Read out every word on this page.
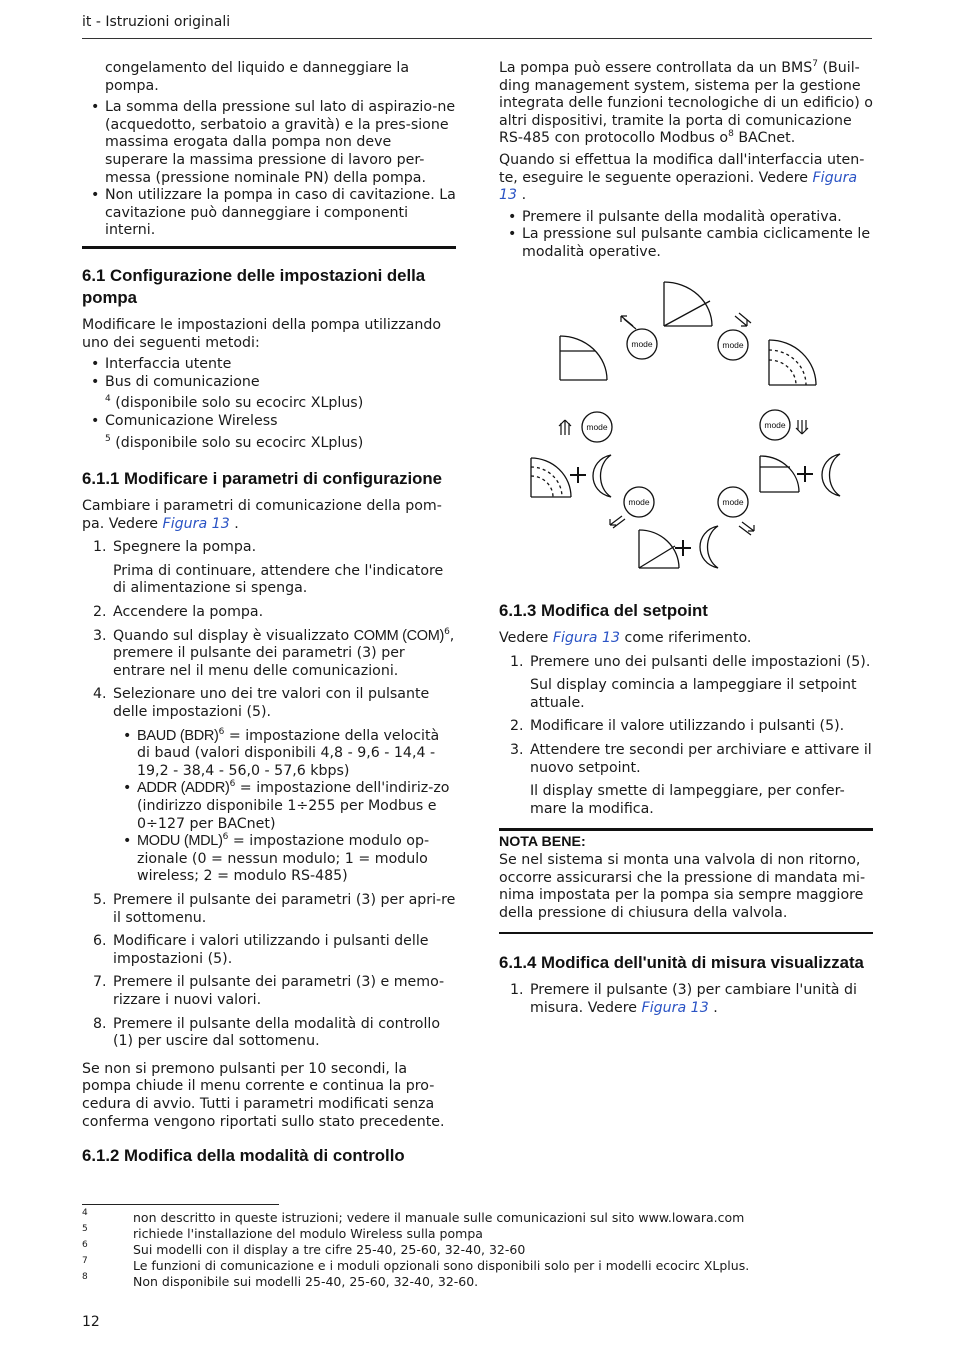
it - Istruzioni originali

congelamento del liquido e danneggiare la pompa.

• La somma della pressione sul lato di aspirazio-ne (acquedotto, serbatoio a gravità) e la pres-sione massima erogata dalla pompa non deve superare la massima pressione di lavoro per-messa (pressione nominale PN) della pompa.
• Non utilizzare la pompa in caso di cavitazione. La cavitazione può danneggiare i componenti interni.
6.1 Configurazione delle impostazioni della pompa

Modificare le impostazioni della pompa utilizzando uno dei seguenti metodi:

• Interfaccia utente
• Bus di comunicazione
$^4$ (disponibile solo su ecocirc XLplus)
• Comunicazione Wireless
$^5$ (disponibile solo su ecocirc XLplus)
6.1.1 Modificare i parametri di configurazione

Cambiare i parametri di comunicazione della pom-pa. Vedere Figura 13 .

1. Spegnere la pompa.
Prima di continuare, attendere che l'indicatore di alimentazione si spenga.
2. Accendere la pompa.
3. Quando sul display è visualizzato COMM (COM)$^6$, premere il pulsante dei parametri (3) per entrare nel il menu delle comunicazioni.
4. Selezionare uno dei tre valori con il pulsante delle impostazioni (5).
• BAUD (BDR)$^6$ = impostazione della velocità di baud (valori disponibili 4,8 - 9,6 - 14,4 - 19,2 - 38,4 - 56,0 - 57,6 kbps)
• ADDR (ADDR)$^6$ = impostazione dell'indiriz-zo (indirizzo disponibile 1÷255 per Modbus e 0÷127 per BACnet)
• MODU (MDL)$^6$ = impostazione modulo op-zionale (0 = nessun modulo; 1 = modulo wireless; 2 = modulo RS-485)
5. Premere il pulsante dei parametri (3) per apri-re il sottomenu.
6. Modificare i valori utilizzando i pulsanti delle impostazioni (5).
7. Premere il pulsante dei parametri (3) e memo-rizzare i nuovi valori.
8. Premere il pulsante della modalità di controllo (1) per uscire dal sottomenu.

Se non si premono pulsanti per 10 secondi, la pompa chiude il menu corrente e continua la pro-cedura di avvio. Tutti i parametri modificati senza conferma vengono riportati sullo stato precedente.

6.1.2 Modifica della modalità di controllo

La pompa può essere controllata da un BMS$^7$ (Buil-ding management system, sistema per la gestione integrata delle funzioni tecnologiche di un edificio) o altri dispositivi, tramite la porta di comunicazione RS-485 con protocollo Modbus $o^8$ BACnet.

Quando si effettua la modifica dall'interfaccia uten-te, eseguire le seguente operazioni. Vedere Figura 13 .

• Premere il pulsante della modalità operativa.
• La pressione sul pulsante cambia ciclicamente le modalità operative.
mode	mode
mode	mode
mode	mode
6.1.3 Modifica del setpoint

Vedere Figura 13 come riferimento.

1. Premere uno dei pulsanti delle impostazioni (5).
Sul display comincia a lampeggiare il setpoint attuale.
2. Modificare il valore utilizzando i pulsanti (5).
3. Attendere tre secondi per archiviare e attivare il nuovo setpoint.
Il display smette di lampeggiare, per confer-mare la modifica.
NOTA BENE:

Se nel sistema si monta una valvola di non ritorno, occorre assicurarsi che la pressione di mandata mi-nima impostata per la pompa sia sempre maggiore della pressione di chiusura della valvola.

6.1.4 Modifica dell'unità di misura visualizzata
1. Premere il pulsante (3) per cambiare l'unità di misura. Vedere Figura 13 .
4	non descritto in queste istruzioni; vedere il manuale sulle comunicazioni sul sito www.lowara.com
5	richiede l'installazione del modulo Wireless sulla pompa
6	Sui modelli con il display a tre cifre 25-40, 25-60, 32-40, 32-60
7	Le funzioni di comunicazione e i moduli opzionali sono disponibili solo per i modelli ecocirc XLplus.
8	Non disponibile sui modelli 25-40, 25-60, 32-40, 32-60.
12
